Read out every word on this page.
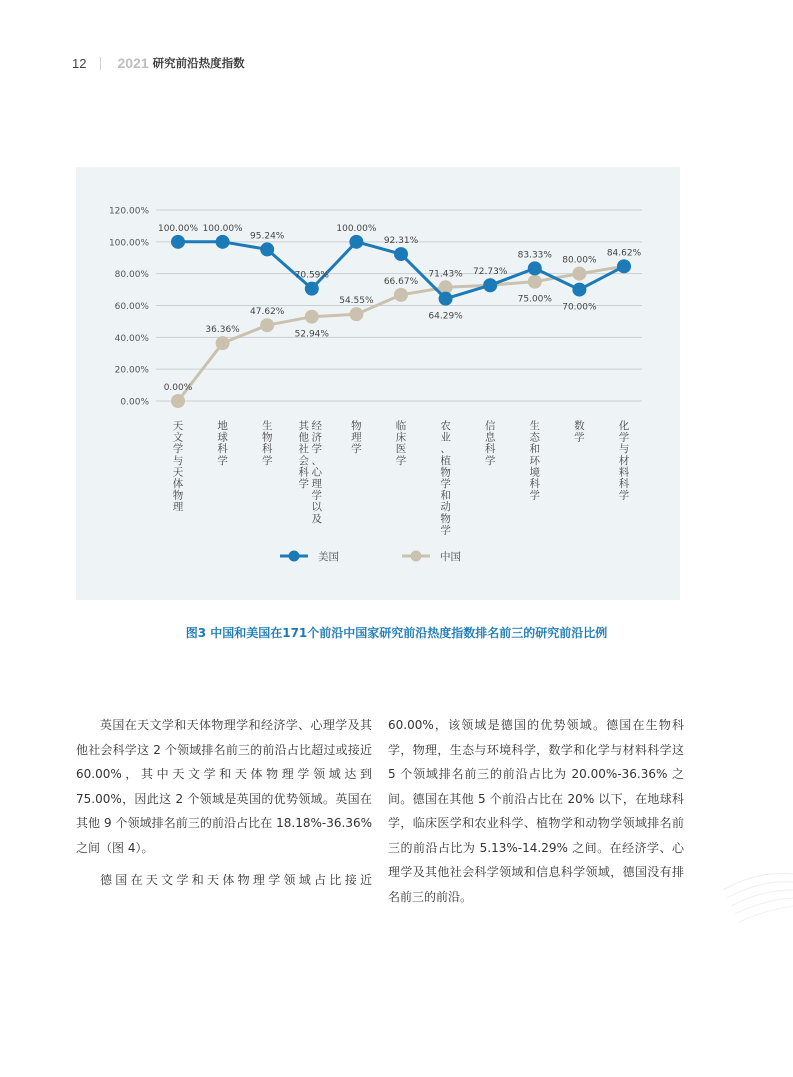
12 2021 研究前沿热度指数
0.00%
20.00%
40.00%
60.00%
80.00%
100.00%
120.00%
天文学与天体物理
地球科学
生物科学
经济学、心理学以及
其他社会科学
物理学
临床医学
农业、植物学和动物学
信息科学
生态和环境科学
数学
化学与材料科学
100.00% 100.00%
95.24%
70.59%
100.00%
92.31%
64.29%
72.73%
83.33%
70.00%
84.62%
0.00%
36.36%
47.62%
52.94%
54.55%
66.67%
71.43%
75.00%
80.00%
美国	中国
图3 中国和美国在171个前沿中国家研究前沿热度指数排名前三的研究前沿比例

英国在天文学和天体物理学和经济学、心理学及其他社会科学这 2 个领域排名前三的前沿占比超过或接近 60.00%，其中天文学和天体物理学领域达到 75.00%，因此这 2 个领域是英国的优势领域。英国在其他 9 个领域排名前三的前沿占比在 18.18%-36.36% 之间（图 4）。

德国在天文学和天体物理学领域占比接近

60.00%，该领域是德国的优势领域。德国在生物科学，物理，生态与环境科学，数学和化学与材料科学这 5 个领域排名前三的前沿占比为 20.00%-36.36% 之间。德国在其他 5 个前沿占比在 20% 以下，在地球科学，临床医学和农业科学、植物学和动物学领域排名前三的前沿占比为 5.13%-14.29% 之间。在经济学、心理学及其他社会科学领域和信息科学领域，德国没有排名前三的前沿。
